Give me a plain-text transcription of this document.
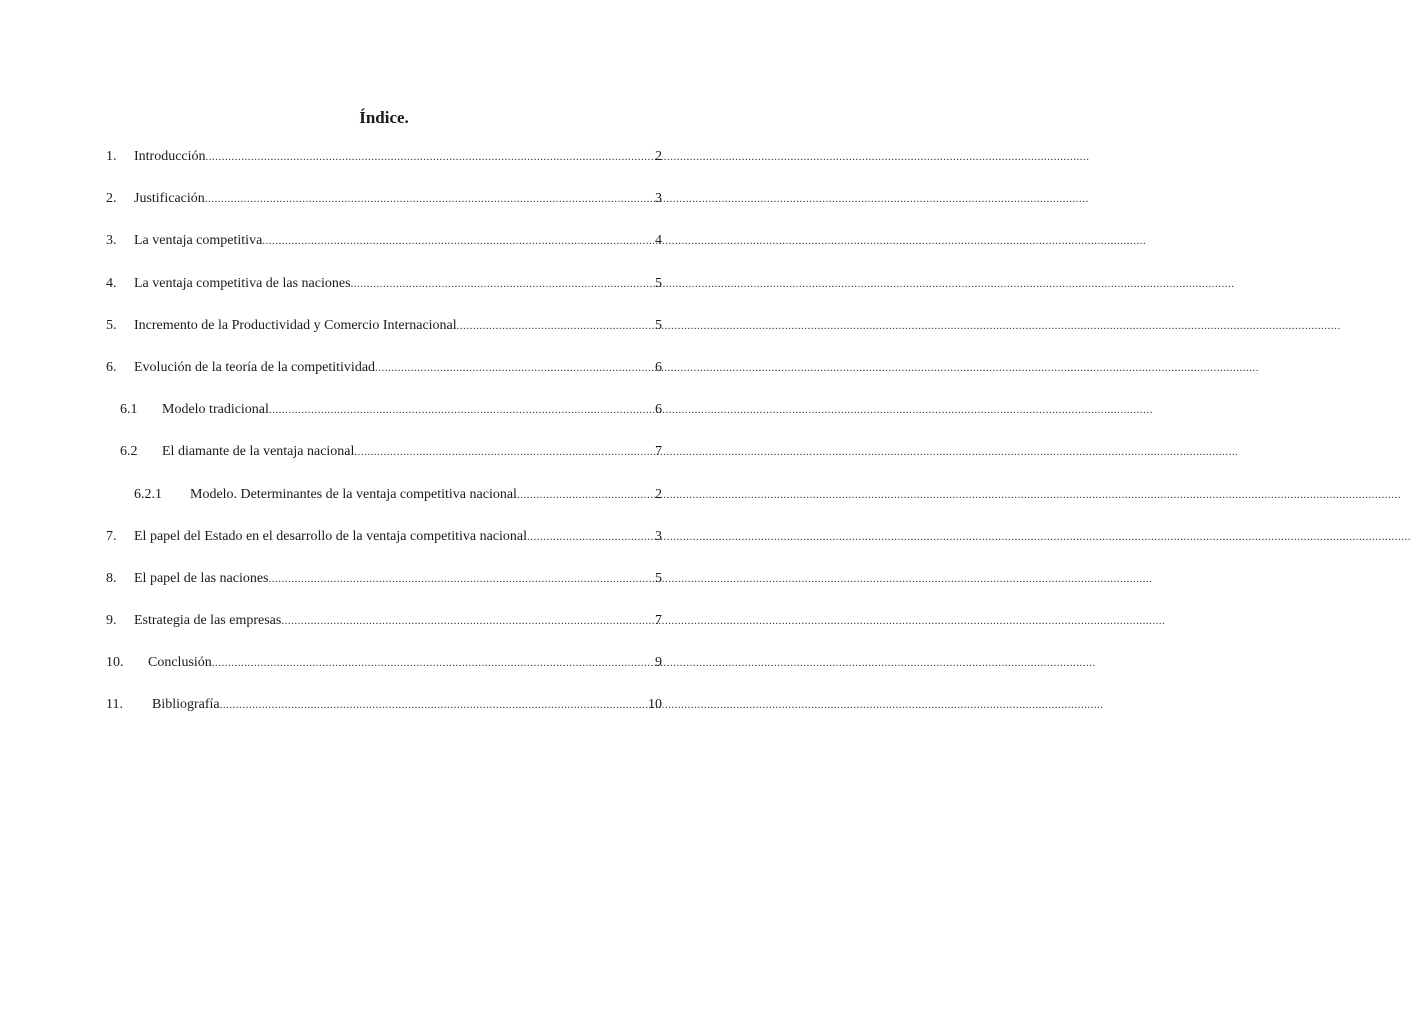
Índice.
1.	Introducción .....	2
2.	Justificación .....	3
3.	La ventaja competitiva .....	4
4.	La ventaja competitiva de las naciones .....	5
5.	Incremento de la Productividad y Comercio Internacional .....	5
6.	Evolución de la teoría de la competitividad .....	6
6.1	Modelo tradicional .....	6
6.2	El diamante de la ventaja nacional .....	7
6.2.1	Modelo. Determinantes de la ventaja competitiva nacional .....	2
7.	El papel del Estado en el desarrollo de la ventaja competitiva nacional .....	3
8.	El papel de las naciones .....	5
9.	Estrategia de las empresas .....	7
10.	Conclusión .....	9
11.	Bibliografía .....	10
